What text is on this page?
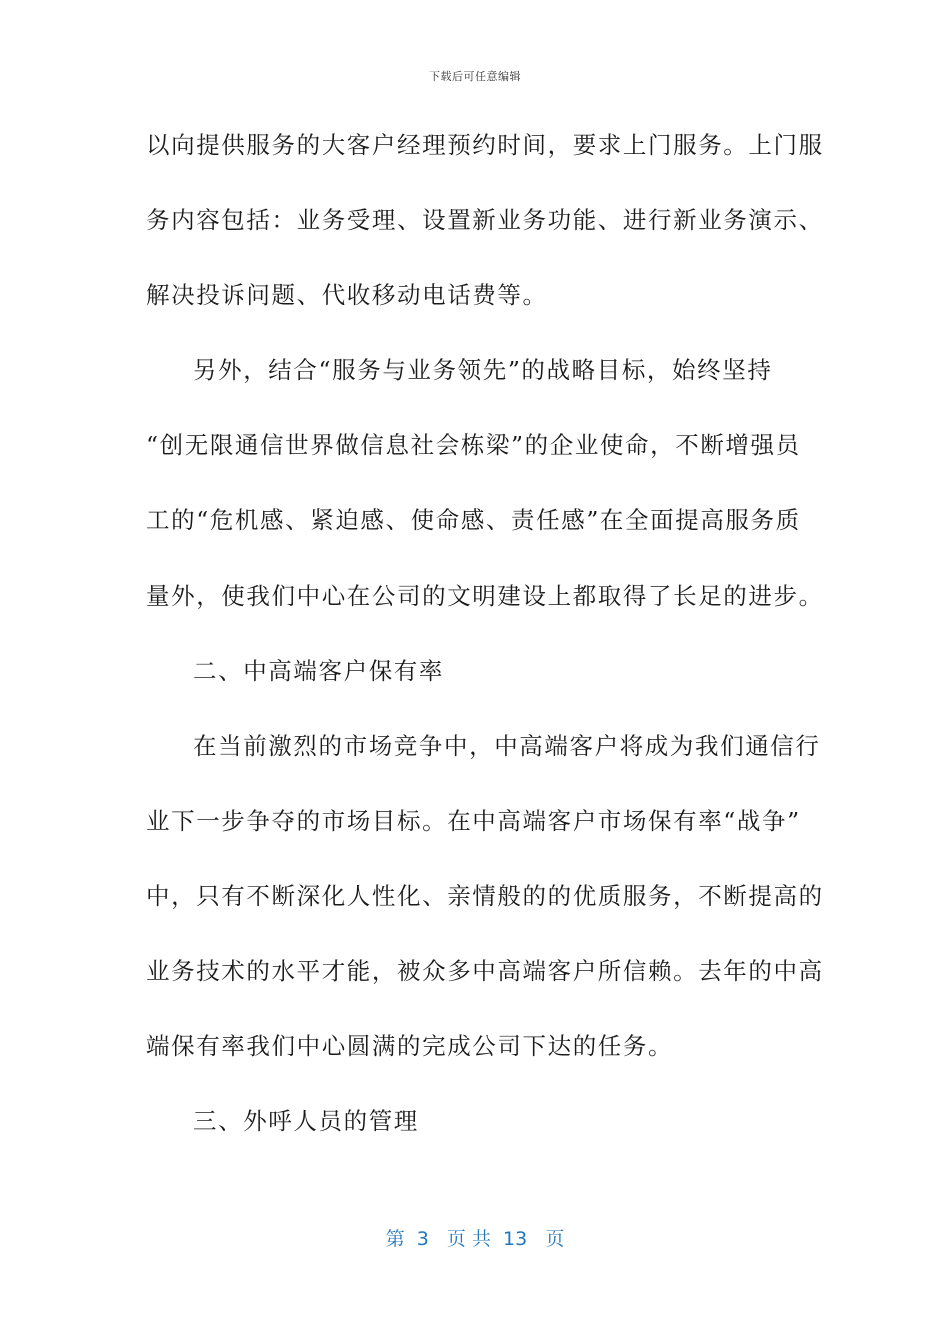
下载后可任意编辑
以向提供服务的大客户经理预约时间，要求上门服务。上门服
务内容包括：业务受理、设置新业务功能、进行新业务演示、
解决投诉问题、代收移动电话费等。
另外，结合“服务与业务领先”的战略目标，始终坚持
“创无限通信世界做信息社会栋梁”的企业使命，不断增强员
工的“危机感、紧迫感、使命感、责任感”在全面提高服务质
量外，使我们中心在公司的文明建设上都取得了长足的进步。
二、中高端客户保有率
在当前激烈的市场竞争中，中高端客户将成为我们通信行
业下一步争夺的市场目标。在中高端客户市场保有率“战争”
中，只有不断深化人性化、亲情般的的优质服务，不断提高的
业务技术的水平才能，被众多中高端客户所信赖。去年的中高
端保有率我们中心圆满的完成公司下达的任务。
三、外呼人员的管理
第  3   页 共  13   页
